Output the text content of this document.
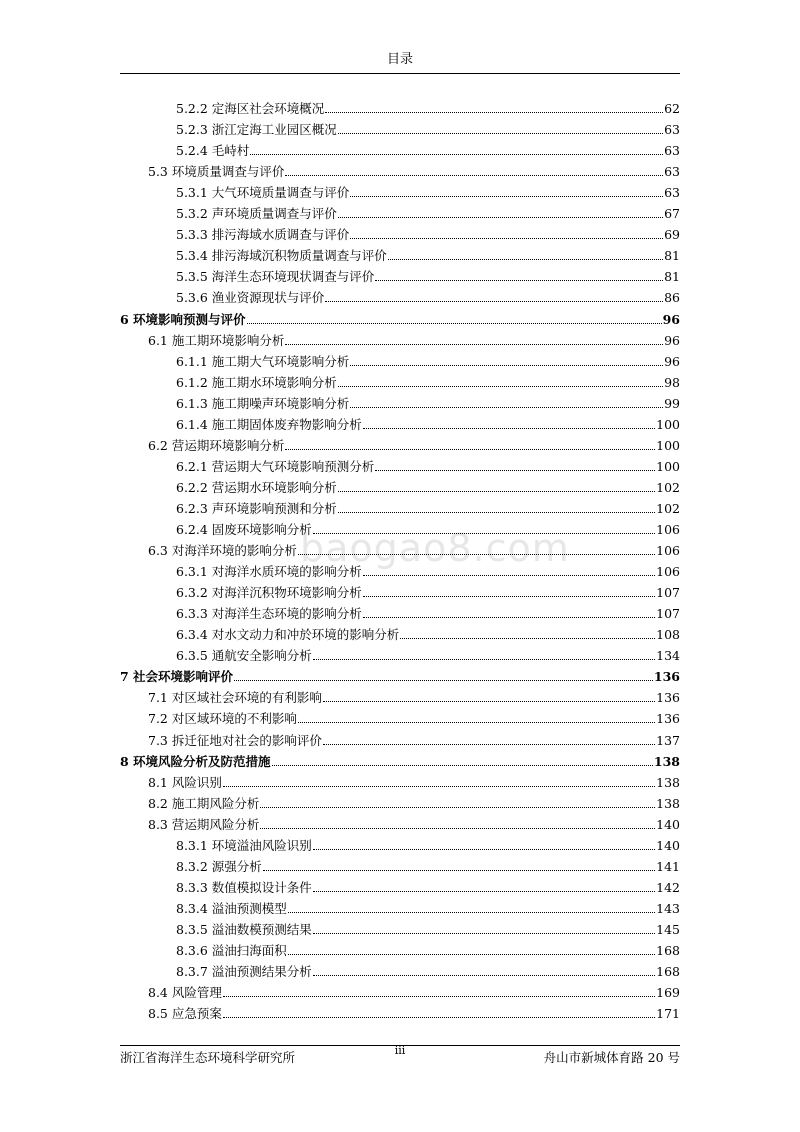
目录
baogao8.com
5.2.2 定海区社会环境概况	62
5.2.3 浙江定海工业园区概况	63
5.2.4 毛峙村	63
5.3 环境质量调查与评价	63
5.3.1 大气环境质量调查与评价	63
5.3.2 声环境质量调查与评价	67
5.3.3 排污海域水质调查与评价	69
5.3.4 排污海域沉积物质量调查与评价	81
5.3.5 海洋生态环境现状调查与评价	81
5.3.6 渔业资源现状与评价	86
6 环境影响预测与评价	96
6.1 施工期环境影响分析	96
6.1.1 施工期大气环境影响分析	96
6.1.2 施工期水环境影响分析	98
6.1.3 施工期噪声环境影响分析	99
6.1.4 施工期固体废弃物影响分析	100
6.2 营运期环境影响分析	100
6.2.1 营运期大气环境影响预测分析	100
6.2.2 营运期水环境影响分析	102
6.2.3 声环境影响预测和分析	102
6.2.4 固废环境影响分析	106
6.3 对海洋环境的影响分析	106
6.3.1 对海洋水质环境的影响分析	106
6.3.2 对海洋沉积物环境影响分析	107
6.3.3 对海洋生态环境的影响分析	107
6.3.4 对水文动力和冲於环境的影响分析	108
6.3.5 通航安全影响分析	134
7 社会环境影响评价	136
7.1 对区域社会环境的有利影响	136
7.2 对区域环境的不利影响	136
7.3 拆迁征地对社会的影响评价	137
8 环境风险分析及防范措施	138
8.1 风险识别	138
8.2 施工期风险分析	138
8.3 营运期风险分析	140
8.3.1 环境溢油风险识别	140
8.3.2 源强分析	141
8.3.3 数值模拟设计条件	142
8.3.4 溢油预测模型	143
8.3.5 溢油数模预测结果	145
8.3.6 溢油扫海面积	168
8.3.7 溢油预测结果分析	168
8.4 风险管理	169
8.5 应急预案	171
浙江省海洋生态环境科学研究所	iii	舟山市新城体育路 20 号
